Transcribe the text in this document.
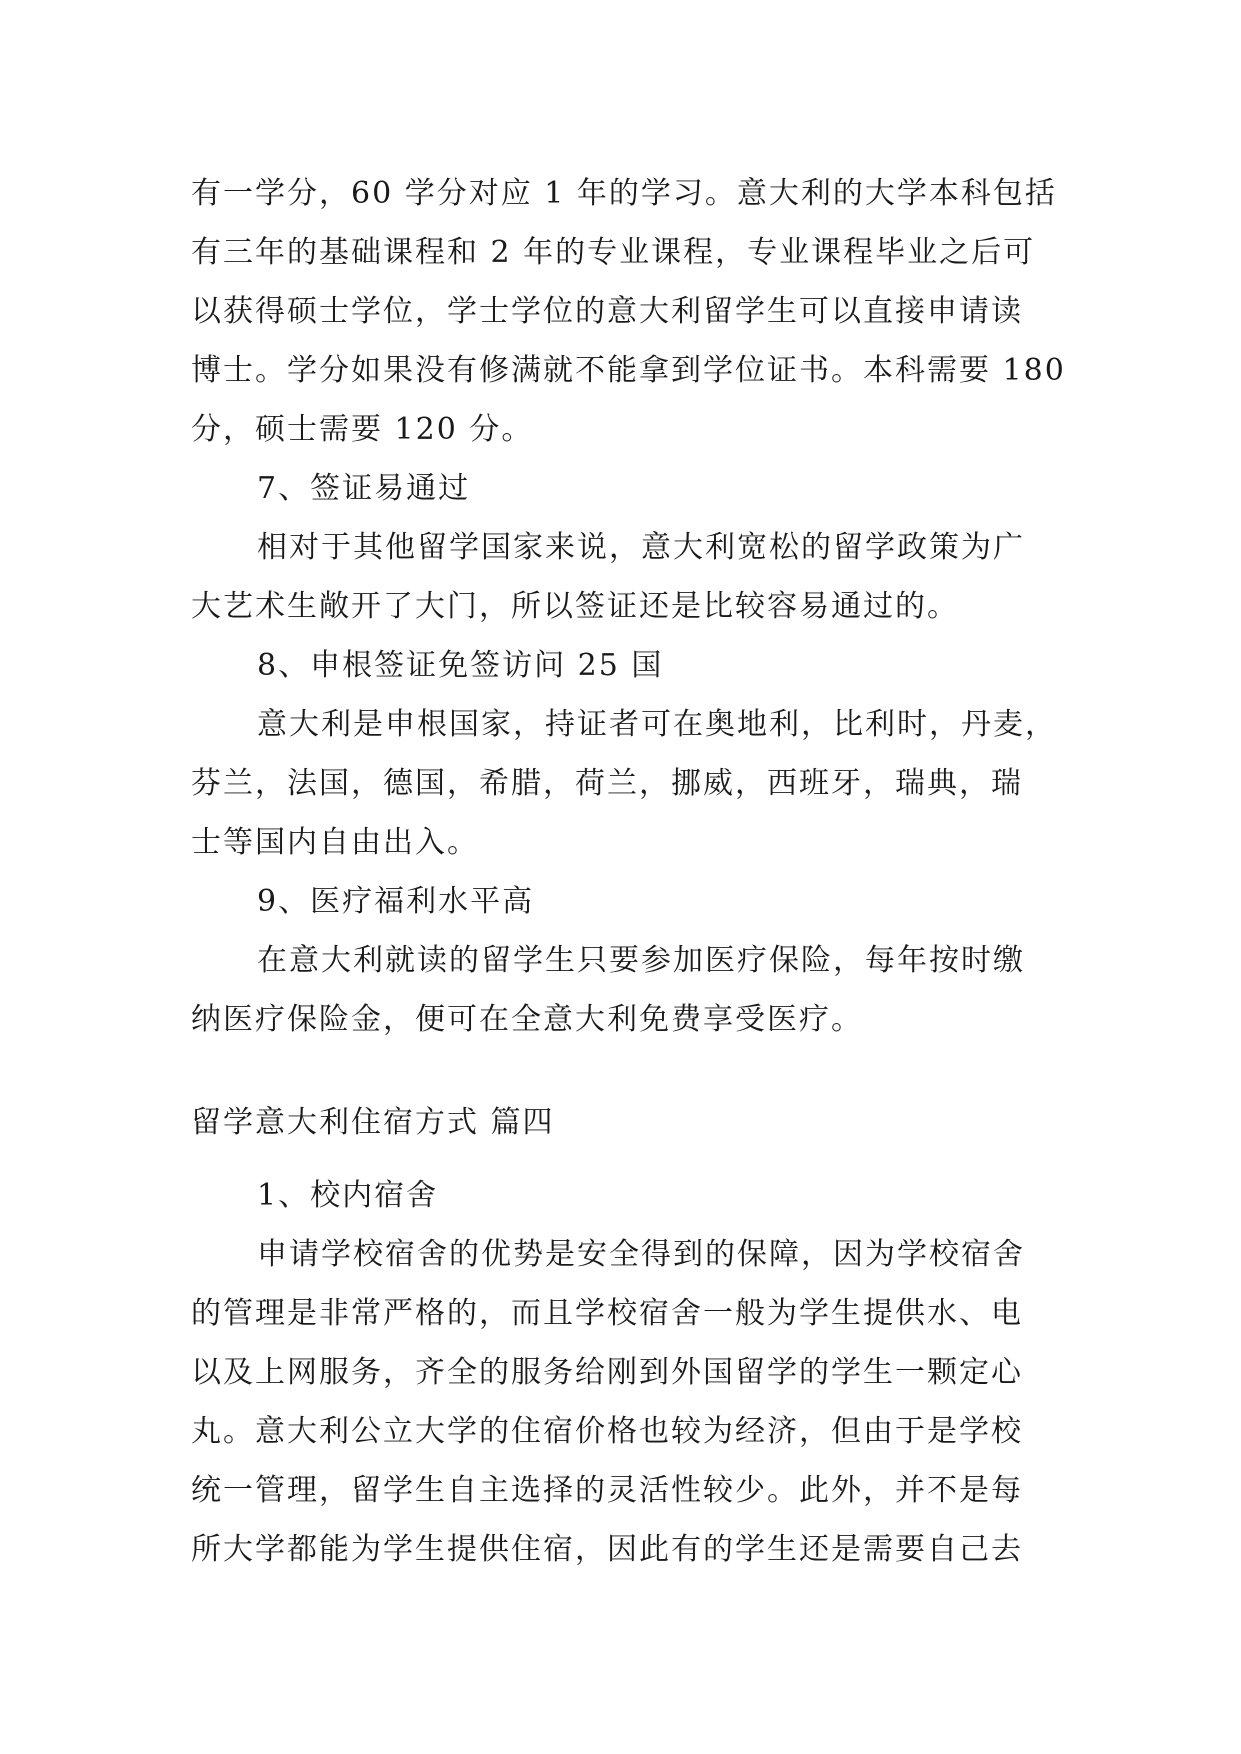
有一学分，60 学分对应 1 年的学习。意大利的大学本科包括
有三年的基础课程和 2 年的专业课程，专业课程毕业之后可
以获得硕士学位，学士学位的意大利留学生可以直接申请读
博士。学分如果没有修满就不能拿到学位证书。本科需要 180
分，硕士需要 120 分。
7、签证易通过
相对于其他留学国家来说，意大利宽松的留学政策为广
大艺术生敞开了大门，所以签证还是比较容易通过的。
8、申根签证免签访问 25 国
意大利是申根国家，持证者可在奥地利，比利时，丹麦，
芬兰，法国，德国，希腊，荷兰，挪威，西班牙，瑞典，瑞
士等国内自由出入。
9、医疗福利水平高
在意大利就读的留学生只要参加医疗保险，每年按时缴
纳医疗保险金，便可在全意大利免费享受医疗。
留学意大利住宿方式 篇四
1、校内宿舍
申请学校宿舍的优势是安全得到的保障，因为学校宿舍
的管理是非常严格的，而且学校宿舍一般为学生提供水、电
以及上网服务，齐全的服务给刚到外国留学的学生一颗定心
丸。意大利公立大学的住宿价格也较为经济，但由于是学校
统一管理，留学生自主选择的灵活性较少。此外，并不是每
所大学都能为学生提供住宿，因此有的学生还是需要自己去
